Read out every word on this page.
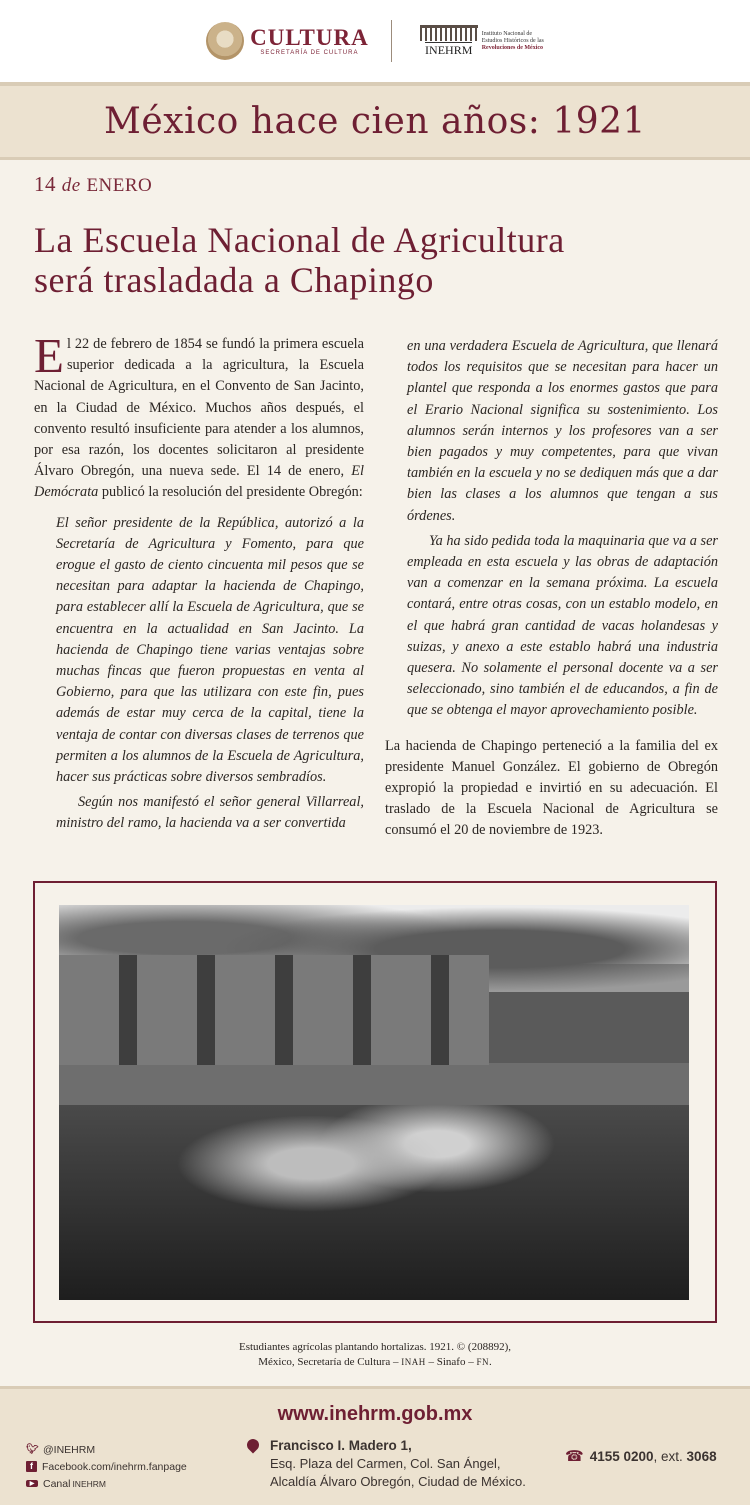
CULTURA
SECRETARÍA DE CULTURA	INEHRM
Instituto Nacional de
Estudios Históricos de las
Revoluciones de México
México hace cien años: 1921
14 de ENERO
La Escuela Nacional de Agricultura
será trasladada a Chapingo

El 22 de febrero de 1854 se fundó la primera escuela superior dedicada a la agricultura, la Escuela Nacional de Agricultura, en el Convento de San Jacinto, en la Ciudad de México. Muchos años después, el convento resultó insuficiente para atender a los alumnos, por esa razón, los docentes solicitaron al presidente Álvaro Obregón, una nueva sede. El 14 de enero, El Demócrata publicó la resolución del presidente Obregón:

El señor presidente de la República, autorizó a la Secretaría de Agricultura y Fomento, para que erogue el gasto de ciento cincuenta mil pesos que se necesitan para adaptar la hacienda de Chapingo, para establecer allí la Escuela de Agricultura, que se encuentra en la actualidad en San Jacinto. La hacienda de Chapingo tiene varias ventajas sobre muchas fincas que fueron propuestas en venta al Gobierno, para que las utilizara con este fin, pues además de estar muy cerca de la capital, tiene la ventaja de contar con diversas clases de terrenos que permiten a los alumnos de la Escuela de Agricultura, hacer sus prácticas sobre diversos sembradíos.

Según nos manifestó el señor general Villarreal, ministro del ramo, la hacienda va a ser convertida

en una verdadera Escuela de Agricultura, que llenará todos los requisitos que se necesitan para hacer un plantel que responda a los enormes gastos que para el Erario Nacional significa su sostenimiento. Los alumnos serán internos y los profesores van a ser bien pagados y muy competentes, para que vivan también en la escuela y no se dediquen más que a dar bien las clases a los alumnos que tengan a sus órdenes.

Ya ha sido pedida toda la maquinaria que va a ser empleada en esta escuela y las obras de adaptación van a comenzar en la semana próxima. La escuela contará, entre otras cosas, con un establo modelo, en el que habrá gran cantidad de vacas holandesas y suizas, y anexo a este establo habrá una industria quesera. No solamente el personal docente va a ser seleccionado, sino también el de educandos, a fin de que se obtenga el mayor aprovechamiento posible.

La hacienda de Chapingo perteneció a la familia del ex presidente Manuel González. El gobierno de Obregón expropió la propiedad e invirtió en su adecuación. El traslado de la Escuela Nacional de Agricultura se consumó el 20 de noviembre de 1923.

Estudiantes agrícolas plantando hortalizas. 1921. © (208892),
México, Secretaría de Cultura – INAH – Sinafo – FN.
www.inehrm.gob.mx
🐦︎ @INEHRM
f Facebook.com/inehrm.fanpage
▶ Canal INEHRM
Francisco I. Madero 1,
Esq. Plaza del Carmen, Col. San Ángel,
Alcaldía Álvaro Obregón, Ciudad de México.
☎︎ 4155 0200, ext. 3068
